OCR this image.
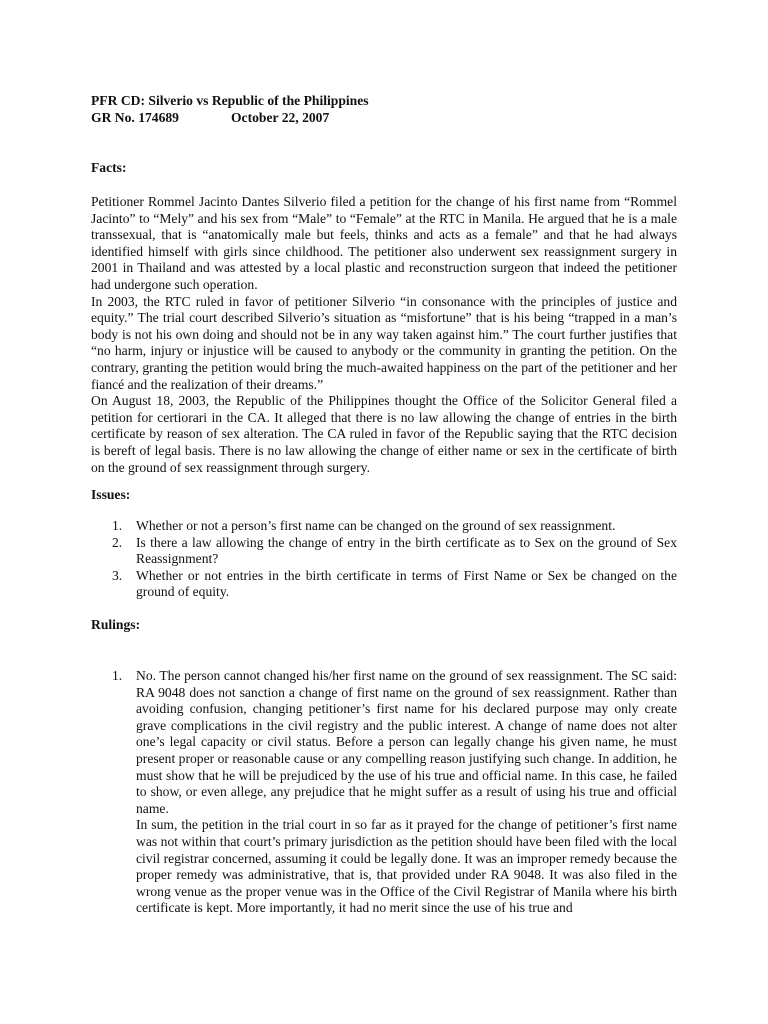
PFR CD: Silverio vs Republic of the Philippines
GR No. 174689	October 22, 2007
Facts:

Petitioner Rommel Jacinto Dantes Silverio filed a petition for the change of his first name from “Rommel Jacinto” to “Mely” and his sex from “Male” to “Female” at the RTC in Manila. He argued that he is a male transsexual, that is “anatomically male but feels, thinks and acts as a female” and that he had always identified himself with girls since childhood. The petitioner also underwent sex reassignment surgery in 2001 in Thailand and was attested by a local plastic and reconstruction surgeon that indeed the petitioner had undergone such operation.

In 2003, the RTC ruled in favor of petitioner Silverio “in consonance with the principles of justice and equity.” The trial court described Silverio’s situation as “misfortune” that is his being “trapped in a man’s body is not his own doing and should not be in any way taken against him.” The court further justifies that “no harm, injury or injustice will be caused to anybody or the community in granting the petition. On the contrary, granting the petition would bring the much-awaited happiness on the part of the petitioner and her fiancé and the realization of their dreams.”

On August 18, 2003, the Republic of the Philippines thought the Office of the Solicitor General filed a petition for certiorari in the CA. It alleged that there is no law allowing the change of entries in the birth certificate by reason of sex alteration. The CA ruled in favor of the Republic saying that the RTC decision is bereft of legal basis. There is no law allowing the change of either name or sex in the certificate of birth on the ground of sex reassignment through surgery.

Issues:
1. Whether or not a person’s first name can be changed on the ground of sex reassignment.
2. Is there a law allowing the change of entry in the birth certificate as to Sex on the ground of Sex Reassignment?
3. Whether or not entries in the birth certificate in terms of First Name or Sex be changed on the ground of equity.
Rulings:
1. No. The person cannot changed his/her first name on the ground of sex reassignment. The SC said: RA 9048 does not sanction a change of first name on the ground of sex reassignment. Rather than avoiding confusion, changing petitioner’s first name for his declared purpose may only create grave complications in the civil registry and the public interest. A change of name does not alter one’s legal capacity or civil status. Before a person can legally change his given name, he must present proper or reasonable cause or any compelling reason justifying such change. In addition, he must show that he will be prejudiced by the use of his true and official name. In this case, he failed to show, or even allege, any prejudice that he might suffer as a result of using his true and official name.
In sum, the petition in the trial court in so far as it prayed for the change of petitioner’s first name was not within that court’s primary jurisdiction as the petition should have been filed with the local civil registrar concerned, assuming it could be legally done. It was an improper remedy because the proper remedy was administrative, that is, that provided under RA 9048. It was also filed in the wrong venue as the proper venue was in the Office of the Civil Registrar of Manila where his birth certificate is kept. More importantly, it had no merit since the use of his true and
